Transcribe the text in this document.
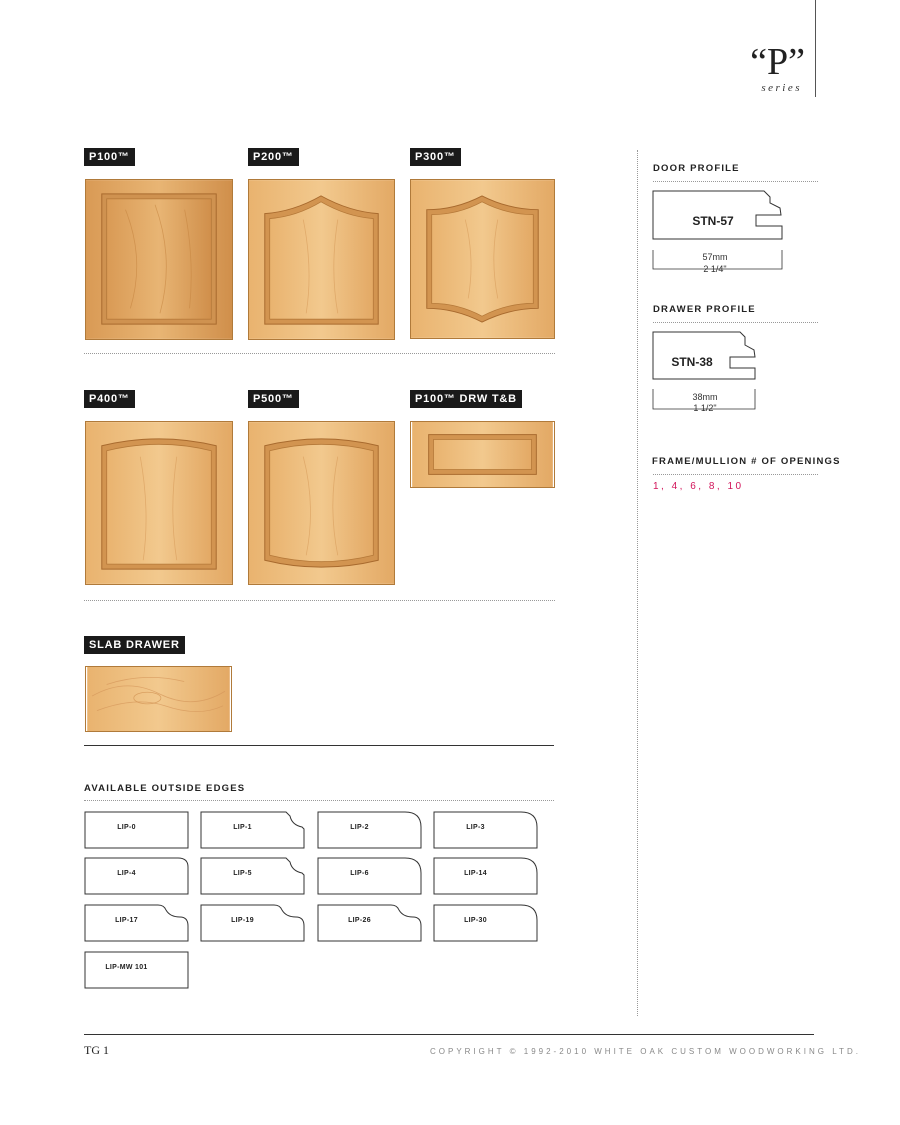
“P”
series
P100™	P200™	P300™
P400™	P500™	P100™ DRW T&B
SLAB DRAWER
AVAILABLE OUTSIDE EDGES
LIP-0	LIP-1	LIP-2	LIP-3
LIP-4	LIP-5	LIP-6	LIP-14
LIP-17	LIP-19	LIP-26	LIP-30
LIP-MW 101
DOOR PROFILE
STN-57
57mm
2 1/4"
DRAWER PROFILE
STN-38
38mm
1 1/2"
FRAME/MULLION # OF OPENINGS
1, 4, 6, 8, 10
TG 1	COPYRIGHT © 1992-2010 WHITE OAK CUSTOM WOODWORKING LTD.
